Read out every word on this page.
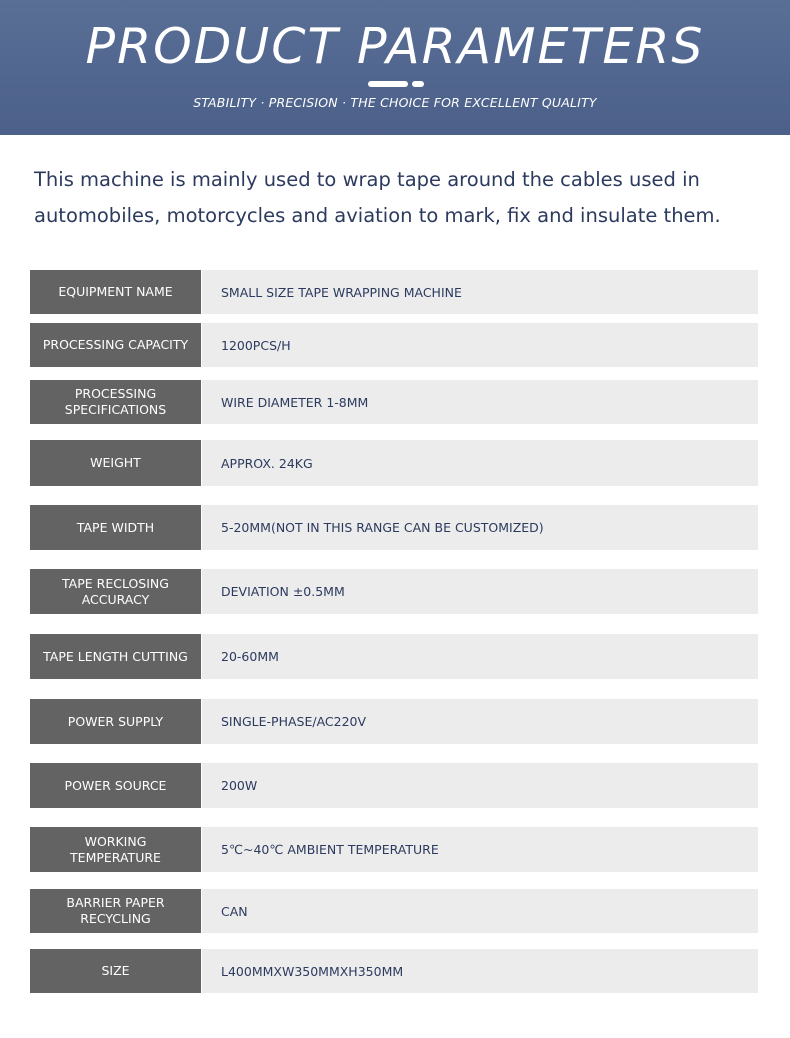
PRODUCT PARAMETERS
STABILITY · PRECISION · THE CHOICE FOR EXCELLENT QUALITY
This machine is mainly used to wrap tape around the cables used in
automobiles, motorcycles and aviation to mark, fix and insulate them.
EQUIPMENT NAME	SMALL SIZE TAPE WRAPPING MACHINE
PROCESSING CAPACITY	1200PCS/H
PROCESSING
SPECIFICATIONS	WIRE DIAMETER 1-8MM
WEIGHT	APPROX. 24KG
TAPE WIDTH	5-20MM(NOT IN THIS RANGE CAN BE CUSTOMIZED)
TAPE RECLOSING
ACCURACY	DEVIATION ±0.5MM
TAPE LENGTH CUTTING	20-60MM
POWER SUPPLY	SINGLE-PHASE/AC220V
POWER SOURCE	200W
WORKING
TEMPERATURE	5℃~40℃ AMBIENT TEMPERATURE
BARRIER PAPER
RECYCLING	CAN
SIZE	L400MMXW350MMXH350MM
